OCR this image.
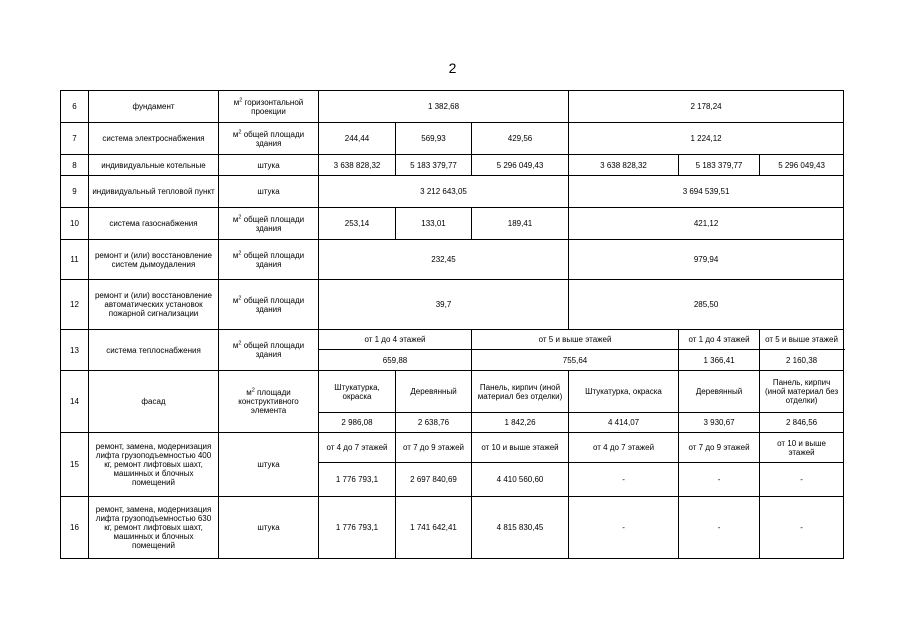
2
6	фундамент	$м^2$ горизонтальной проекции	1 382,68			2 178,24		
7	система электроснабжения	$м^2$ общей площади здания	244,44	569,93	429,56	1 224,12		
8	индивидуальные котельные	штука	3 638 828,32	5 183 379,77	5 296 049,43	3 638 828,32	5 183 379,77	5 296 049,43
9	индивидуальный тепловой пункт	штука	3 212 643,05			3 694 539,51		
10	система газоснабжения	$м^2$ общей площади здания	253,14	133,01	189,41	421,12		
11	ремонт и (или) восстановление систем дымоудаления	$м^2$ общей площади здания	232,45			979,94		
12	ремонт и (или) восстановление автоматических установок пожарной сигнализации	$м^2$ общей площади здания	39,7			285,50		
13	система теплоснабжения	$м^2$ общей площади здания	от 1 до 4 этажей		от 5 и выше этажей		от 1 до 4 этажей	от 5 и выше этажей
			659,88		755,64		1 366,41	2 160,38
14	фасад	$м^2$ площади конструктивного элемента	Штукатурка, окраска	Деревянный	Панель, кирпич (иной материал без отделки)	Штукатурка, окраска	Деревянный	Панель, кирпич (иной материал без отделки)
			2 986,08	2 638,76	1 842,26	4 414,07	3 930,67	2 846,56
15	ремонт, замена, модернизация лифта грузоподъемностью 400 кг, ремонт лифтовых шахт, машинных и блочных помещений	штука	от 4 до 7 этажей	от 7 до 9 этажей	от 10 и выше этажей	от 4 до 7 этажей	от 7 до 9 этажей	от 10 и выше этажей
			1 776 793,1	2 697 840,69	4 410 560,60	-	-	-
16	ремонт, замена, модернизация лифта грузоподъемностью 630 кг, ремонт лифтовых шахт, машинных и блочных помещений	штука	1 776 793,1	1 741 642,41	4 815 830,45	-	-	-
